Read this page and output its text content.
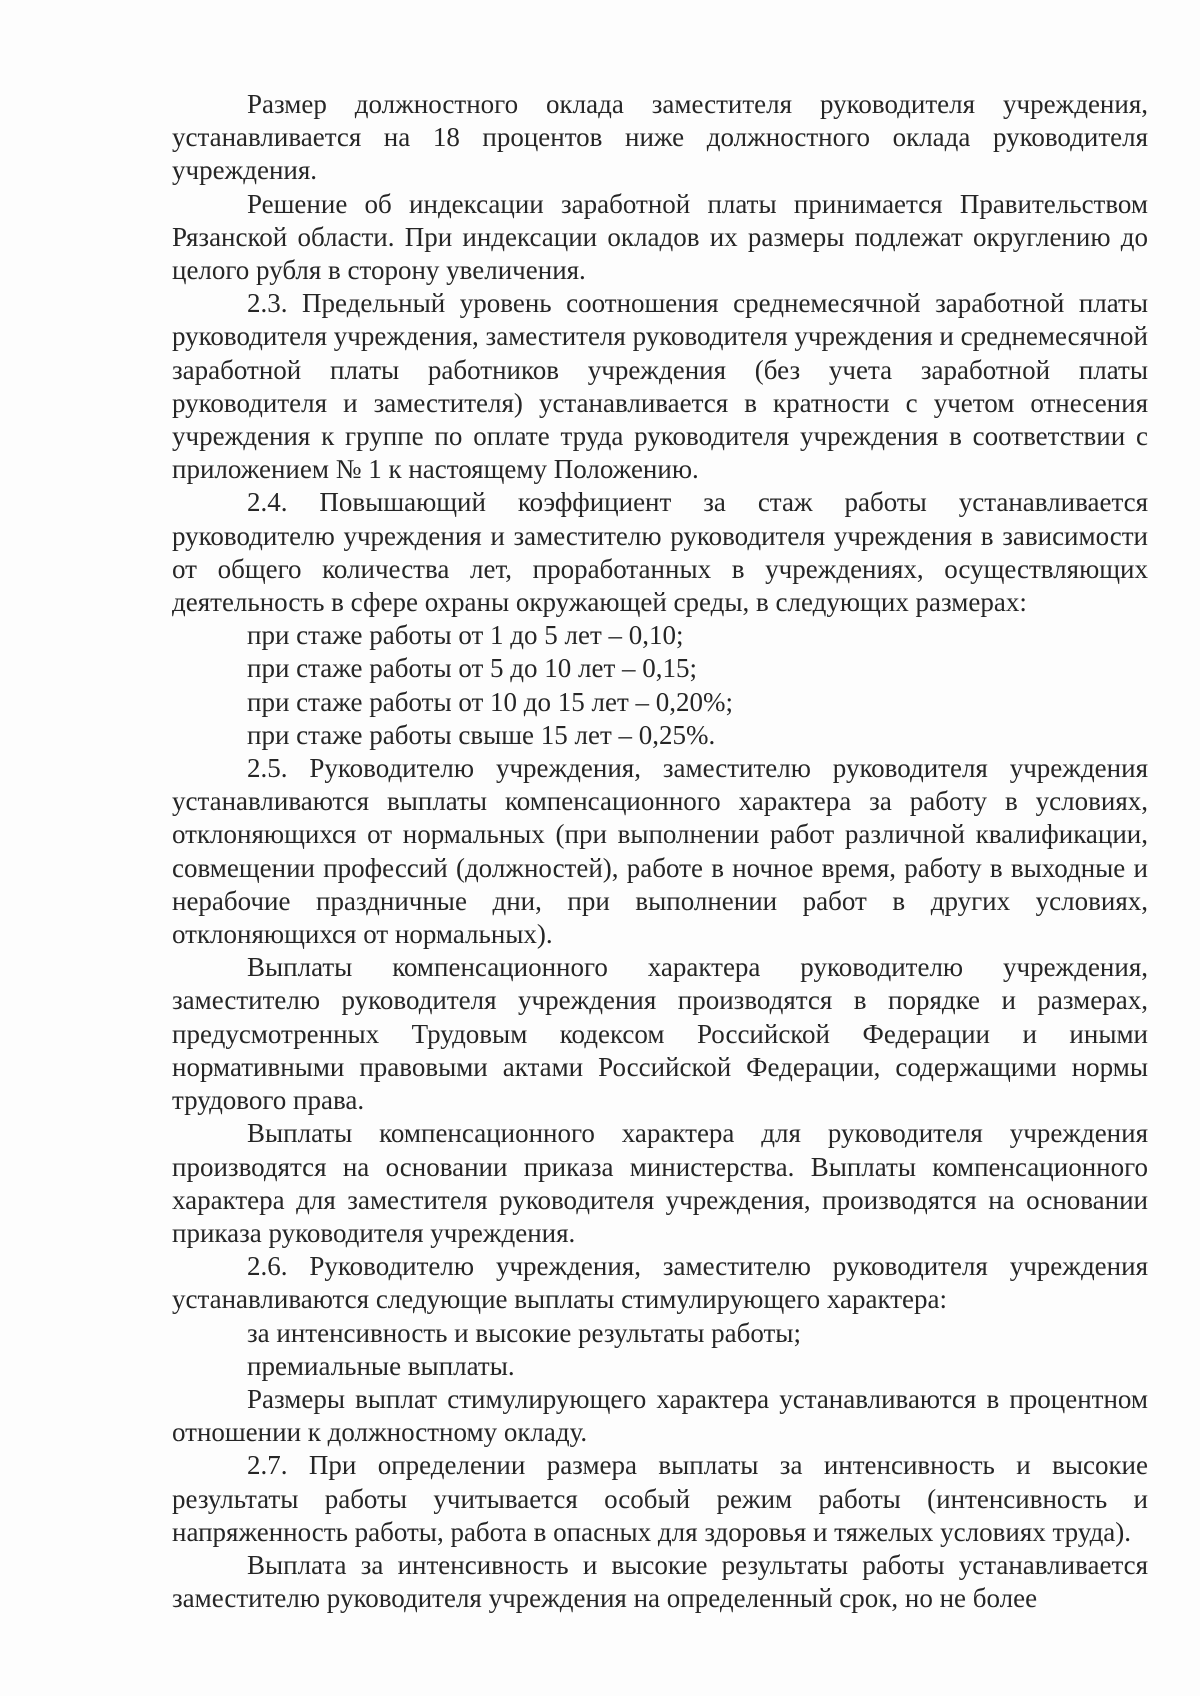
Размер должностного оклада заместителя руководителя учреждения, устанавливается на 18 процентов ниже должностного оклада руководителя учреждения.

Решение об индексации заработной платы принимается Правительством Рязанской области. При индексации окладов их размеры подлежат округлению до целого рубля в сторону увеличения.

2.3. Предельный уровень соотношения среднемесячной заработной платы руководителя учреждения, заместителя руководителя учреждения и среднемесячной заработной платы работников учреждения (без учета заработной платы руководителя и заместителя) устанавливается в кратности с учетом отнесения учреждения к группе по оплате труда руководителя учреждения в соответствии с приложением № 1 к настоящему Положению.

2.4. Повышающий коэффициент за стаж работы устанавливается руководителю учреждения и заместителю руководителя учреждения в зависимости от общего количества лет, проработанных в учреждениях, осуществляющих деятельность в сфере охраны окружающей среды, в следующих размерах:

при стаже работы от 1 до 5 лет – 0,10;

при стаже работы от 5 до 10 лет – 0,15;

при стаже работы от 10 до 15 лет – 0,20%;

при стаже работы свыше 15 лет – 0,25%.

2.5. Руководителю учреждения, заместителю руководителя учреждения устанавливаются выплаты компенсационного характера за работу в условиях, отклоняющихся от нормальных (при выполнении работ различной квалификации, совмещении профессий (должностей), работе в ночное время, работу в выходные и нерабочие праздничные дни, при выполнении работ в других условиях, отклоняющихся от нормальных).

Выплаты компенсационного характера руководителю учреждения, заместителю руководителя учреждения производятся в порядке и размерах, предусмотренных Трудовым кодексом Российской Федерации и иными нормативными правовыми актами Российской Федерации, содержащими нормы трудового права.

Выплаты компенсационного характера для руководителя учреждения производятся на основании приказа министерства. Выплаты компенсационного характера для заместителя руководителя учреждения, производятся на основании приказа руководителя учреждения.

2.6. Руководителю учреждения, заместителю руководителя учреждения устанавливаются следующие выплаты стимулирующего характера:

за интенсивность и высокие результаты работы;

премиальные выплаты.

Размеры выплат стимулирующего характера устанавливаются в процентном отношении к должностному окладу.

2.7. При определении размера выплаты за интенсивность и высокие результаты работы учитывается особый режим работы (интенсивность и напряженность работы, работа в опасных для здоровья и тяжелых условиях труда).

Выплата за интенсивность и высокие результаты работы устанавливается заместителю руководителя учреждения на определенный срок, но не более
